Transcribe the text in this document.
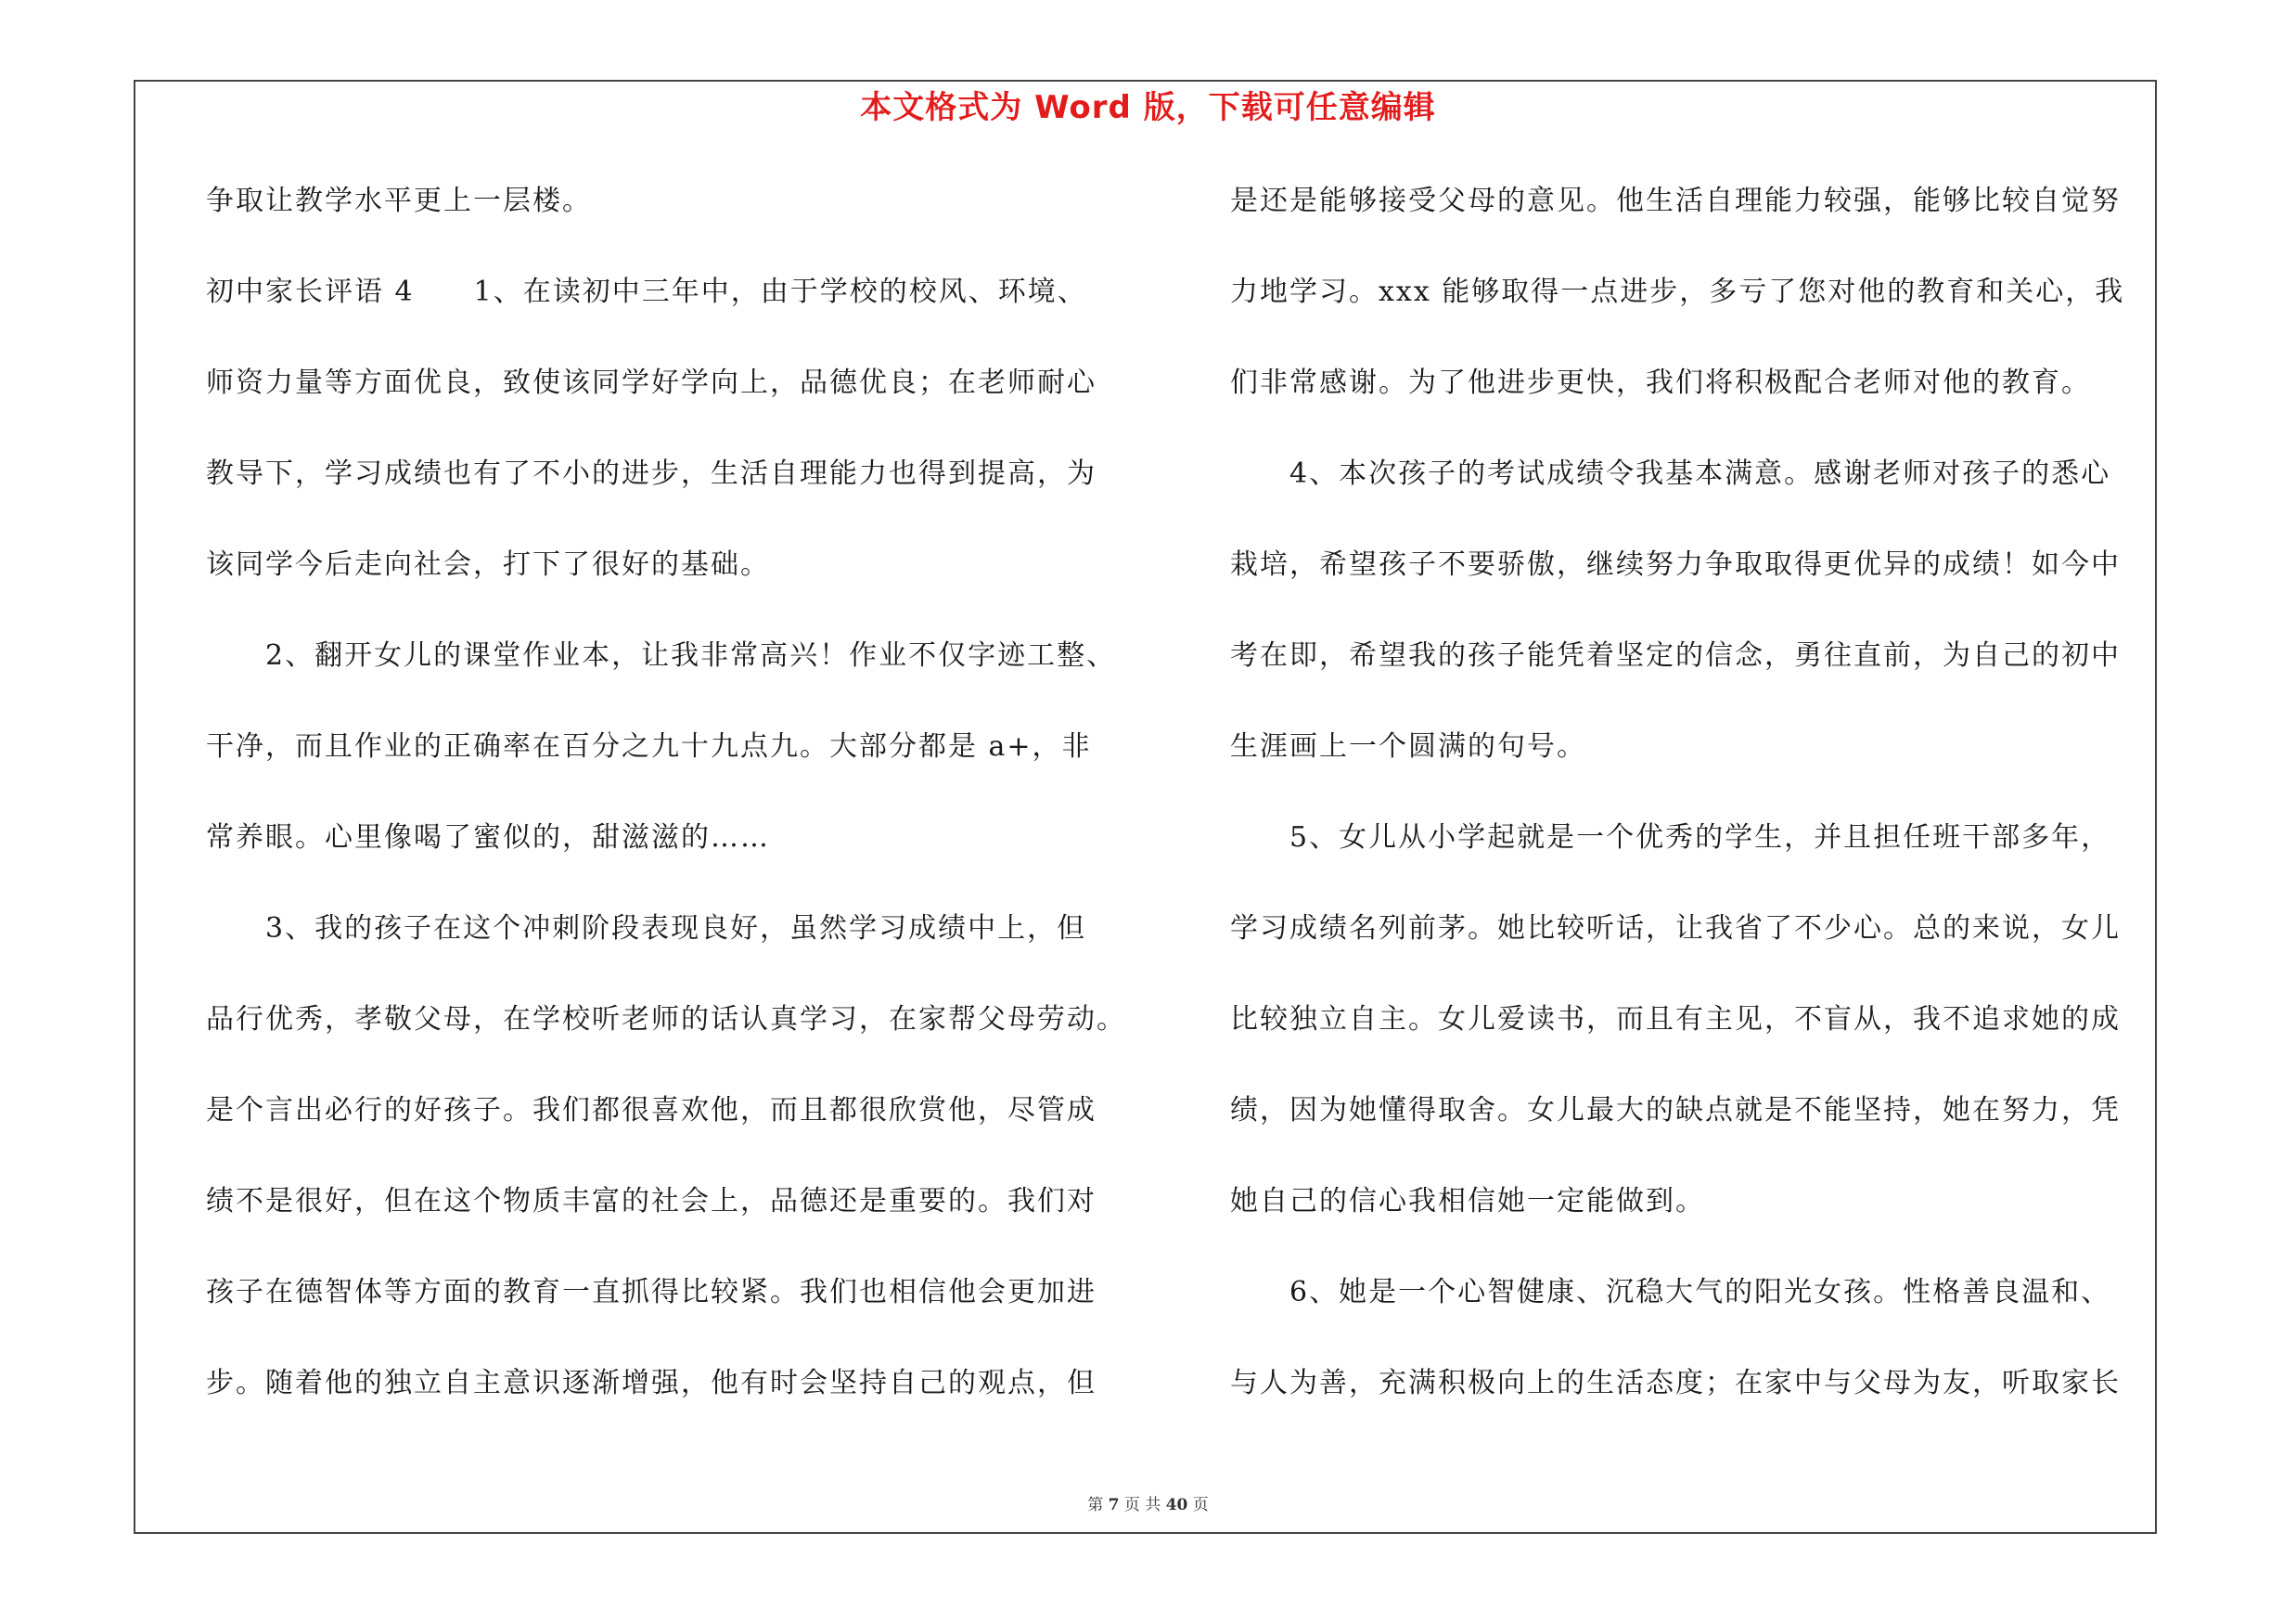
本文格式为 Word 版，下载可任意编辑
争取让教学水平更上一层楼。
初中家长评语 4　　1、在读初中三年中，由于学校的校风、环境、
师资力量等方面优良，致使该同学好学向上，品德优良；在老师耐心
教导下，学习成绩也有了不小的进步，生活自理能力也得到提高，为
该同学今后走向社会，打下了很好的基础。
2、翻开女儿的课堂作业本，让我非常高兴！作业不仅字迹工整、
干净，而且作业的正确率在百分之九十九点九。大部分都是 a+，非
常养眼。心里像喝了蜜似的，甜滋滋的……
3、我的孩子在这个冲刺阶段表现良好，虽然学习成绩中上，但
品行优秀，孝敬父母，在学校听老师的话认真学习，在家帮父母劳动。
是个言出必行的好孩子。我们都很喜欢他，而且都很欣赏他，尽管成
绩不是很好，但在这个物质丰富的社会上，品德还是重要的。我们对
孩子在德智体等方面的教育一直抓得比较紧。我们也相信他会更加进
步。随着他的独立自主意识逐渐增强，他有时会坚持自己的观点，但
是还是能够接受父母的意见。他生活自理能力较强，能够比较自觉努
力地学习。xxx 能够取得一点进步，多亏了您对他的教育和关心，我
们非常感谢。为了他进步更快，我们将积极配合老师对他的教育。
4、本次孩子的考试成绩令我基本满意。感谢老师对孩子的悉心
栽培，希望孩子不要骄傲，继续努力争取取得更优异的成绩！如今中
考在即，希望我的孩子能凭着坚定的信念，勇往直前，为自己的初中
生涯画上一个圆满的句号。
5、女儿从小学起就是一个优秀的学生，并且担任班干部多年，
学习成绩名列前茅。她比较听话，让我省了不少心。总的来说，女儿
比较独立自主。女儿爱读书，而且有主见，不盲从，我不追求她的成
绩，因为她懂得取舍。女儿最大的缺点就是不能坚持，她在努力，凭
她自己的信心我相信她一定能做到。
6、她是一个心智健康、沉稳大气的阳光女孩。性格善良温和、
与人为善，充满积极向上的生活态度；在家中与父母为友，听取家长
第 7 页 共 40 页
